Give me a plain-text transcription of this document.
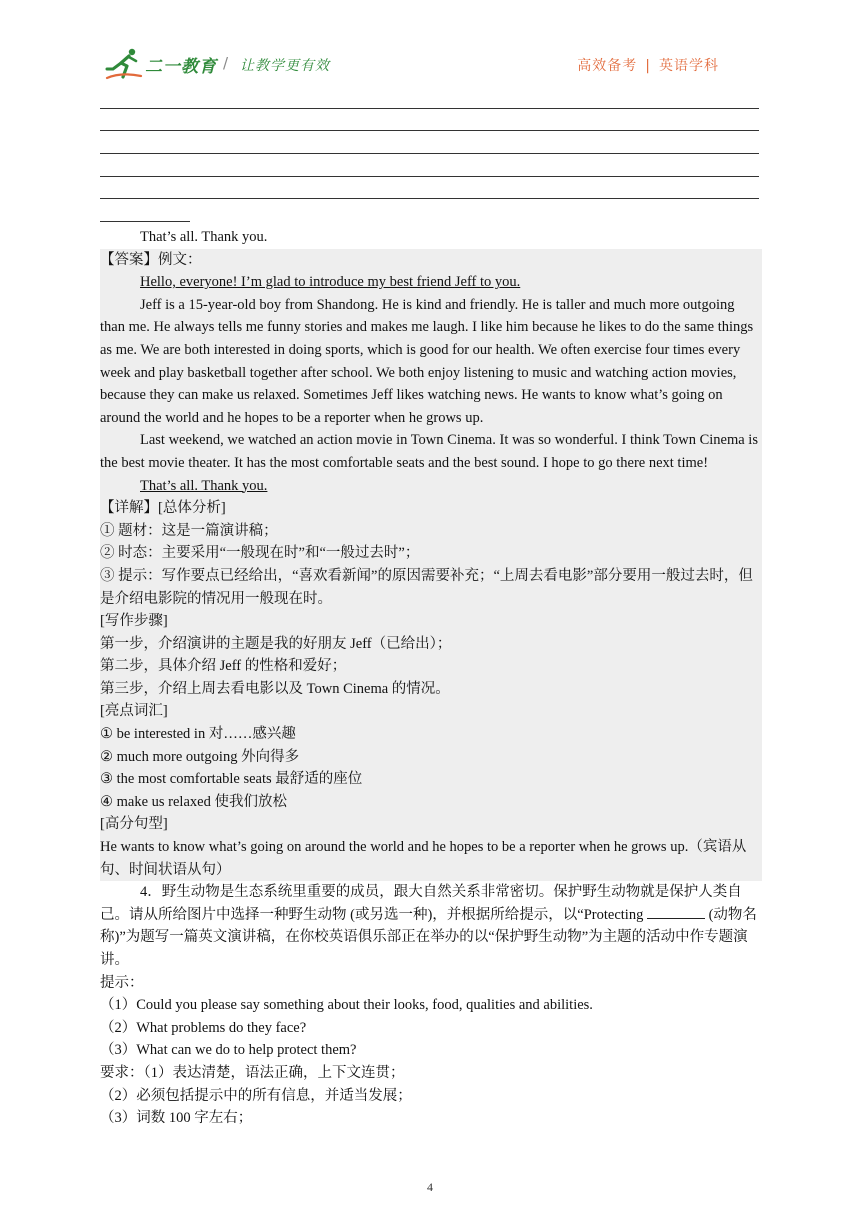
二一教育 / 让教学更有效	高效备考 | 英语学科

That’s all. Thank you.

【答案】例文：

Hello, everyone! I’m glad to introduce my best friend Jeff to you.

Jeff is a 15-year-old boy from Shandong. He is kind and friendly. He is taller and much more outgoing than me. He always tells me funny stories and makes me laugh. I like him because he likes to do the same things as me. We are both interested in doing sports, which is good for our health. We often exercise four times every week and play basketball together after school. We both enjoy listening to music and watching action movies, because they can make us relaxed. Sometimes Jeff likes watching news. He wants to know what’s going on around the world and he hopes to be a reporter when he grows up.

Last weekend, we watched an action movie in Town Cinema. It was so wonderful. I think Town Cinema is the best movie theater. It has the most comfortable seats and the best sound. I hope to go there next time!

That’s all. Thank you.

【详解】[总体分析]

① 题材：这是一篇演讲稿；

② 时态：主要采用“一般现在时”和“一般过去时”；

③ 提示：写作要点已经给出，“喜欢看新闻”的原因需要补充；“上周去看电影”部分要用一般过去时，但是介绍电影院的情况用一般现在时。

[写作步骤]

第一步，介绍演讲的主题是我的好朋友 Jeff（已给出）；

第二步，具体介绍 Jeff 的性格和爱好；

第三步，介绍上周去看电影以及 Town Cinema 的情况。

[亮点词汇]

① be interested in 对……感兴趣

② much more outgoing 外向得多

③ the most comfortable seats 最舒适的座位

④ make us relaxed 使我们放松

[高分句型]

He wants to know what’s going on around the world and he hopes to be a reporter when he grows up.（宾语从句、时间状语从句）

4．野生动物是生态系统里重要的成员，跟大自然关系非常密切。保护野生动物就是保护人类自己。请从所给图片中选择一种野生动物 (或另选一种)，并根据所给提示，以“Protecting	(动物名称)”为题写一篇英文演讲稿，在你校英语俱乐部正在举办的以“保护野生动物”为主题的活动中作专题演讲。

提示：

（1）Could you please say something about their looks, food, qualities and abilities.

（2）What problems do they face?

（3）What can we do to help protect them?

要求：（1）表达清楚，语法正确，上下文连贯；

（2）必须包括提示中的所有信息，并适当发展；

（3）词数 100 字左右；

4
